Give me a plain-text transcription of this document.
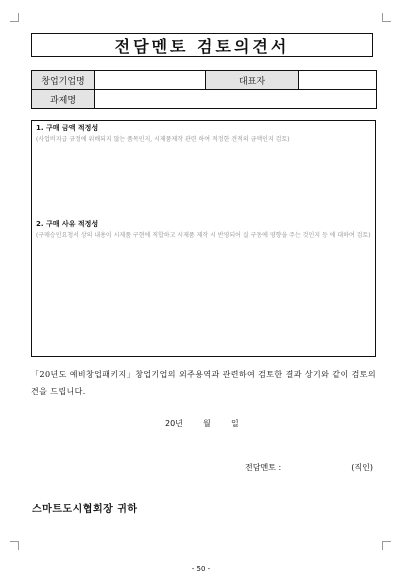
전담멘토 검토의견서
창업기업명		대표자	
과제명			

1. 구매 금액 적정성

(사업비지급 규정에 위배되지 않는 품목인지, 시제품제작 관련 하여 적정한 견적의 금액인지 검토)

2. 구매 사유 적정성

(구매승인요청서 상의 내용이 시제품 구현에 적합하고 시제품 제작 시 반영되어 실 구동에 영향을 주는 것인지 등 에 대하여 검토)

「20년도 예비창업패키지」창업기업의 외주용역과 관련하여 검토한 결과 상기와 같이 검토의견을 드립니다.

20년	월	일
전담멘토 :	(직인)
스마트도시협회장 귀하
- 50 -
